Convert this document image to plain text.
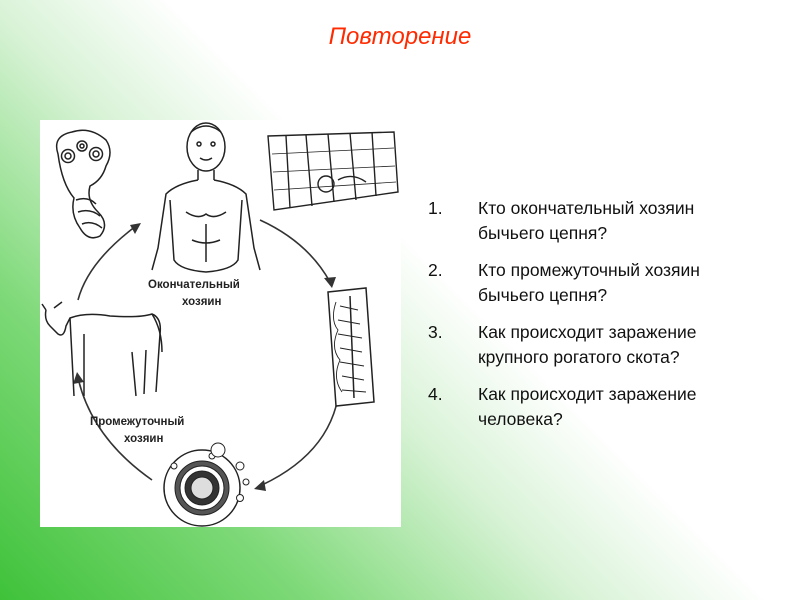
Повторение
Окончательный
хозяин
Промежуточный
хозяин
1. Кто окончательный хозяин
бычьего цепня?
2. Кто промежуточный хозяин
бычьего цепня?
3. Как происходит заражение
крупного рогатого скота?
4. Как происходит заражение
человека?
